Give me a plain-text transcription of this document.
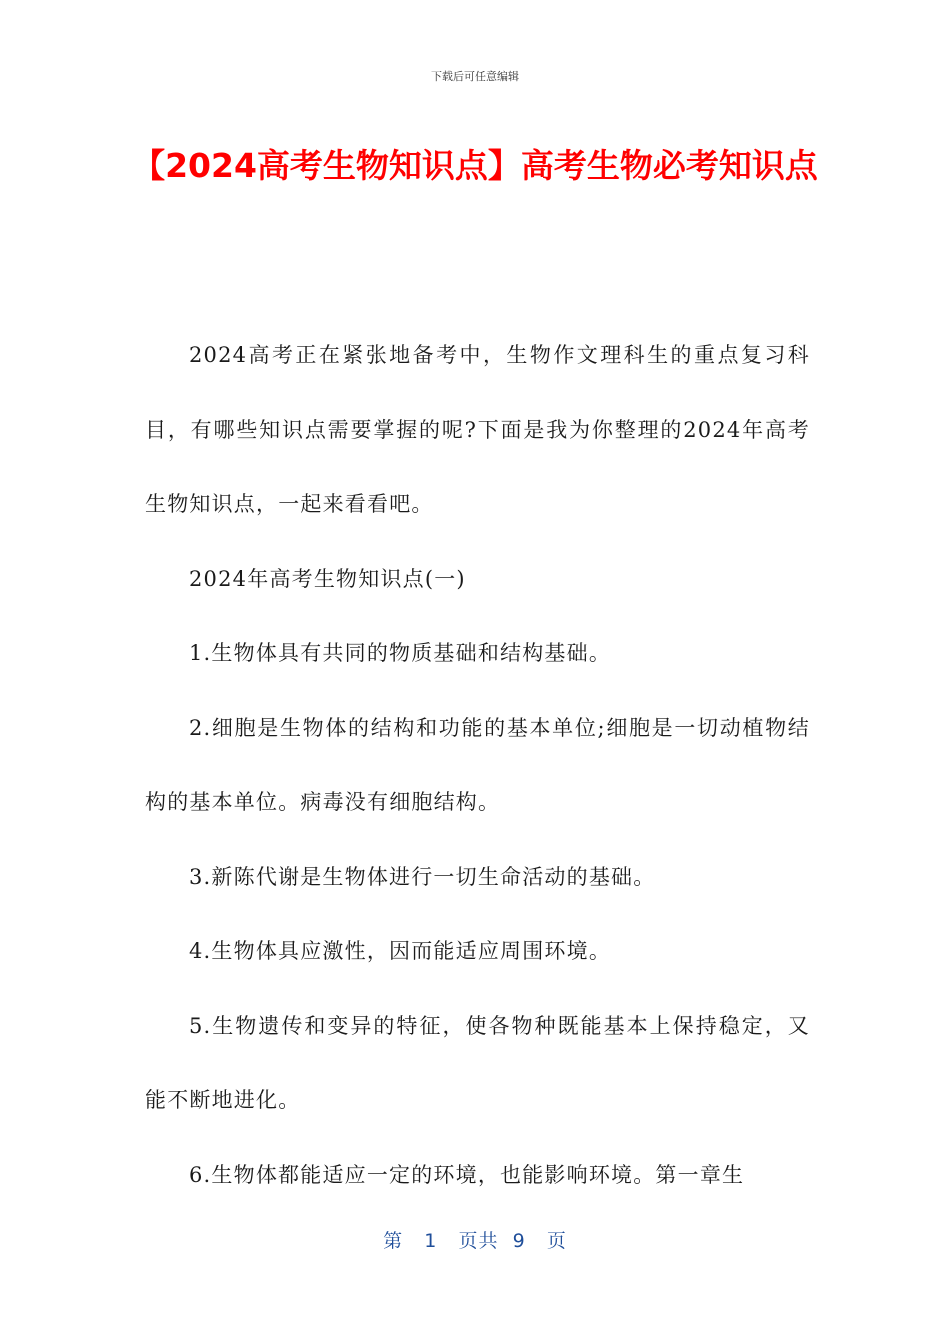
下载后可任意编辑
【2024高考生物知识点】高考生物必考知识点

2024高考正在紧张地备考中，生物作文理科生的重点复习科目，有哪些知识点需要掌握的呢?下面是我为你整理的2024年高考生物知识点，一起来看看吧。

2024年高考生物知识点(一)

1.生物体具有共同的物质基础和结构基础。

2.细胞是生物体的结构和功能的基本单位;细胞是一切动植物结构的基本单位。病毒没有细胞结构。

3.新陈代谢是生物体进行一切生命活动的基础。

4.生物体具应激性，因而能适应周围环境。

5.生物遗传和变异的特征，使各物种既能基本上保持稳定，又能不断地进化。

6.生物体都能适应一定的环境，也能影响环境。第一章生

第 1 页共 9 页
